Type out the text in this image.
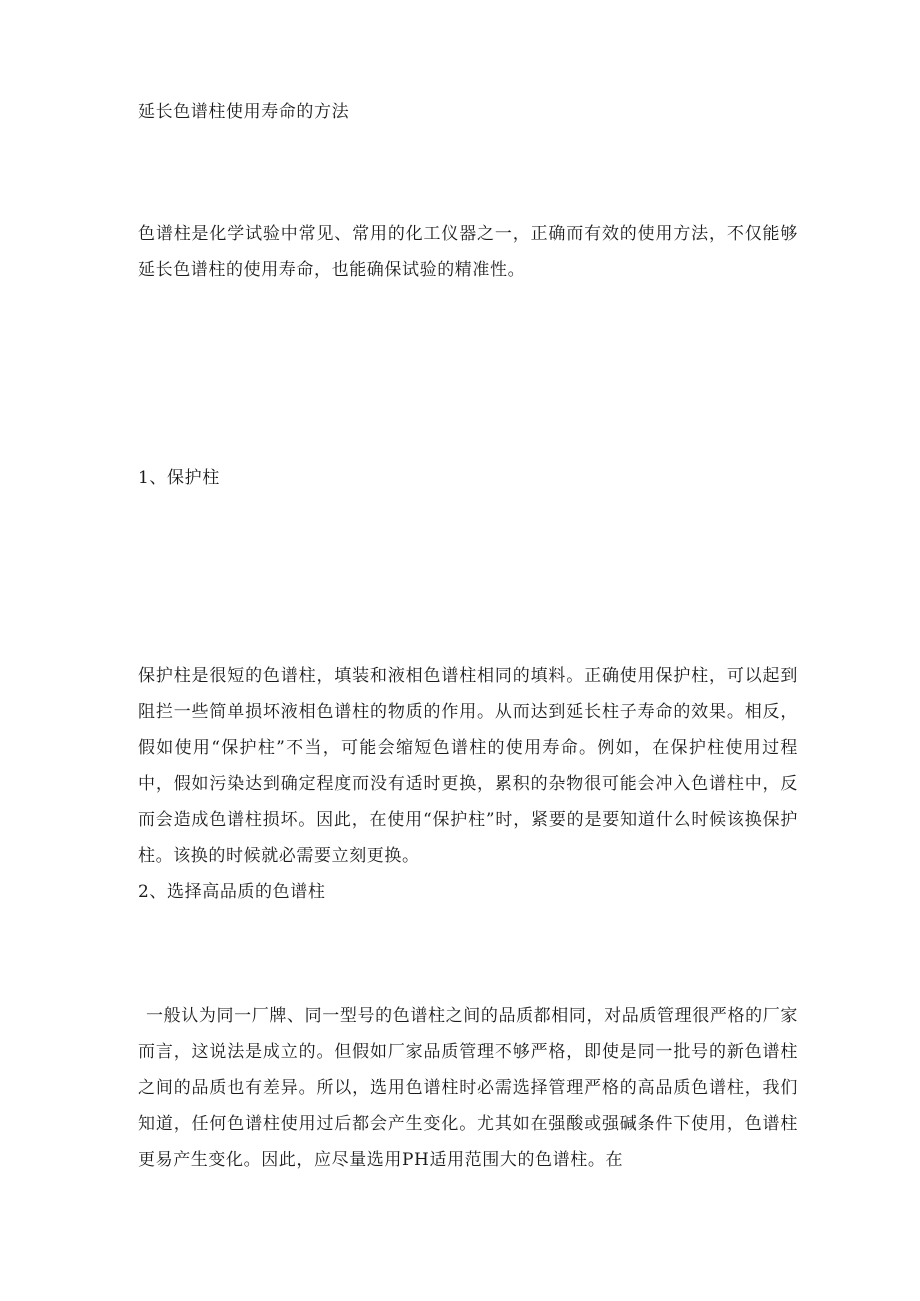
延长色谱柱使用寿命的方法

色谱柱是化学试验中常见、常用的化工仪器之一，正确而有效的使用方法，不仅能够延长色谱柱的使用寿命，也能确保试验的精准性。

1、保护柱

保护柱是很短的色谱柱，填装和液相色谱柱相同的填料。正确使用保护柱，可以起到阻拦一些简单损坏液相色谱柱的物质的作用。从而达到延长柱子寿命的效果。相反，假如使用“保护柱”不当，可能会缩短色谱柱的使用寿命。例如，在保护柱使用过程中，假如污染达到确定程度而没有适时更换，累积的杂物很可能会冲入色谱柱中，反而会造成色谱柱损坏。因此，在使用“保护柱”时，紧要的是要知道什么时候该换保护柱。该换的时候就必需要立刻更换。

2、选择高品质的色谱柱

一般认为同一厂牌、同一型号的色谱柱之间的品质都相同，对品质管理很严格的厂家而言，这说法是成立的。但假如厂家品质管理不够严格，即使是同一批号的新色谱柱之间的品质也有差异。所以，选用色谱柱时必需选择管理严格的高品质色谱柱，我们知道，任何色谱柱使用过后都会产生变化。尤其如在强酸或强碱条件下使用，色谱柱更易产生变化。因此，应尽量选用PH适用范围大的色谱柱。在
